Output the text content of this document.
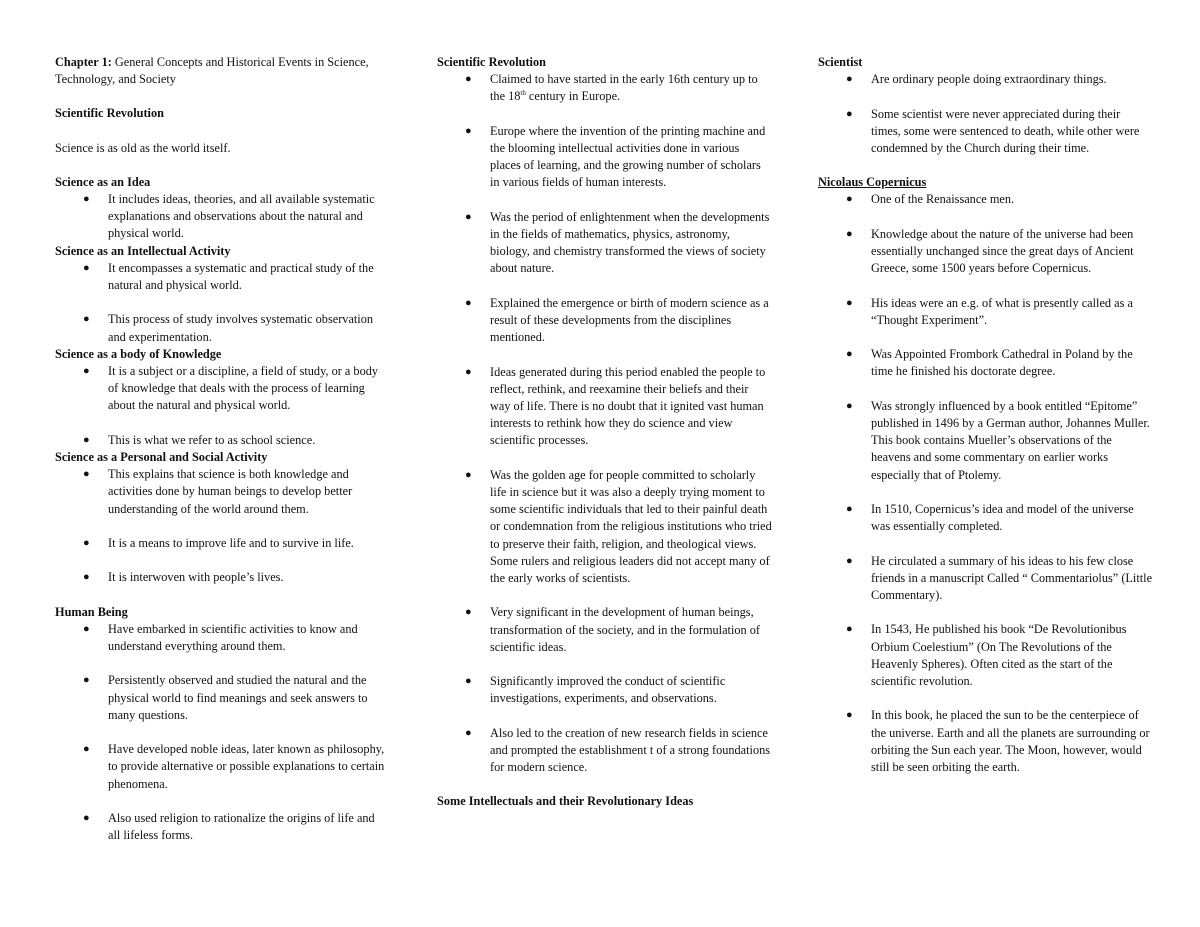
Chapter 1: General Concepts and Historical Events in Science, Technology, and Society
Scientific Revolution
Science is as old as the world itself.
Science as an Idea
● It includes ideas, theories, and all available systematic explanations and observations about the natural and physical world.
Science as an Intellectual Activity
● It encompasses a systematic and practical study of the natural and physical world.
● This process of study involves systematic observation and experimentation.
Science as a body of Knowledge
● It is a subject or a discipline, a field of study, or a body of knowledge that deals with the process of learning about the natural and physical world.
● This is what we refer to as school science.
Science as a Personal and Social Activity
● This explains that science is both knowledge and activities done by human beings to develop better understanding of the world around them.
● It is a means to improve life and to survive in life.
● It is interwoven with people’s lives.
Human Being
● Have embarked in scientific activities to know and understand everything around them.
● Persistently observed and studied the natural and the physical world to find meanings and seek answers to many questions.
● Have developed noble ideas, later known as philosophy, to provide alternative or possible explanations to certain phenomena.
● Also used religion to rationalize the origins of life and all lifeless forms.
Scientific Revolution
● Claimed to have started in the early 16th century up to the 18th century in Europe.
● Europe where the invention of the printing machine and the blooming intellectual activities done in various places of learning, and the growing number of scholars in various fields of human interests.
● Was the period of enlightenment when the developments in the fields of mathematics, physics, astronomy, biology, and chemistry transformed the views of society about nature.
● Explained the emergence or birth of modern science as a result of these developments from the disciplines mentioned.
● Ideas generated during this period enabled the people to reflect, rethink, and reexamine their beliefs and their way of life. There is no doubt that it ignited vast human interests to rethink how they do science and view scientific processes.
● Was the golden age for people committed to scholarly life in science but it was also a deeply trying moment to some scientific individuals that led to their painful death or condemnation from the religious institutions who tried to preserve their faith, religion, and theological views. Some rulers and religious leaders did not accept many of the early works of scientists.
● Very significant in the development of human beings, transformation of the society, and in the formulation of scientific ideas.
● Significantly improved the conduct of scientific investigations, experiments, and observations.
● Also led to the creation of new research fields in science and prompted the establishment t of a strong foundations for modern science.
Some Intellectuals and their Revolutionary Ideas
Scientist
● Are ordinary people doing extraordinary things.
● Some scientist were never appreciated during their times, some were sentenced to death, while other were condemned by the Church during their time.
Nicolaus Copernicus
● One of the Renaissance men.
● Knowledge about the nature of the universe had been essentially unchanged since the great days of Ancient Greece, some 1500 years before Copernicus.
● His ideas were an e.g. of what is presently called as a “Thought Experiment”.
● Was Appointed Frombork Cathedral in Poland by the time he finished his doctorate degree.
● Was strongly influenced by a book entitled “Epitome” published in 1496 by a German author, Johannes Muller. This book contains Mueller’s observations of the heavens and some commentary on earlier works especially that of Ptolemy.
● In 1510, Copernicus’s idea and model of the universe was essentially completed.
● He circulated a summary of his ideas to his few close friends in a manuscript Called “ Commentariolus” (Little Commentary).
● In 1543, He published his book “De Revolutionibus Orbium Coelestium” (On The Revolutions of the Heavenly Spheres). Often cited as the start of the scientific revolution.
● In this book, he placed the sun to be the centerpiece of the universe. Earth and all the planets are surrounding or orbiting the Sun each year. The Moon, however, would still be seen orbiting the earth.
